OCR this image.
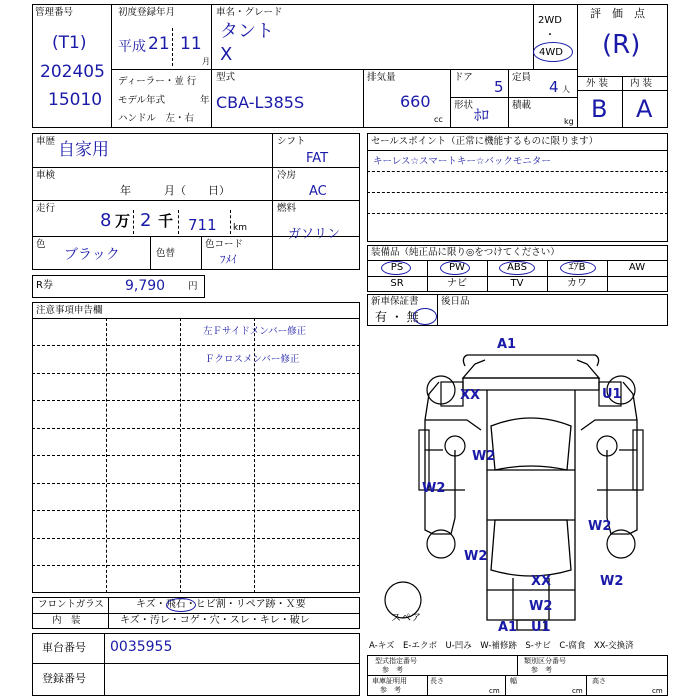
管理番号
(T1)
202405
15010
初度登録年月
平成 21 11
月
ディーラー・並 行
モデル年式	年
ハンドル　左・右
車名・グレード
タント
X
2WD
・
4WD
型式
CBA-L385S
排気量
660
cc
ドア
5
定員
4 人
形状
ﾎﾛ
積載
kg
評　価　点
(R)
外 装 内 装
B A
車歴 自家用
車検
年　　　月（　　日）
走行
8 万 2 千 711 km
色
ブラック	色替
色コード
ﾌﾒｲ
シフト
FAT
冷房
AC
燃料
ガソリン
R券	9,790 円
セールスポイント（正常に機能するものに限ります）
キーレス☆スマートキー☆バックモニター
装備品（純正品に限り◎をつけてください）
PS	PW	ABS	ｴｱB	AW
SR	ナビ	TV	カワ
新車保証書
有 ・ 無
後日品
注意事項申告欄
左Ｆサイドメンバー修正
Ｆクロスメンバー修正
フロントガラス	キズ・飛石・ヒビ割・リペア跡・Ｘ要
内　装	キズ・汚レ・コゲ・穴・スレ・キレ・破レ
車台番号 0035955
登録番号
A1
XX	U1
W2
W2
W2
W2
XX	W2
W2
A1 U1
スペア
A-キズ　E-エクボ　U-凹み　W-補修跡　S-サビ　C-腐食　XX-交換済
型式指定番号
参　考
類別区分番号
参　考
車庫証明用
参　考
長さ
cm
幅
cm
高さ
cm
